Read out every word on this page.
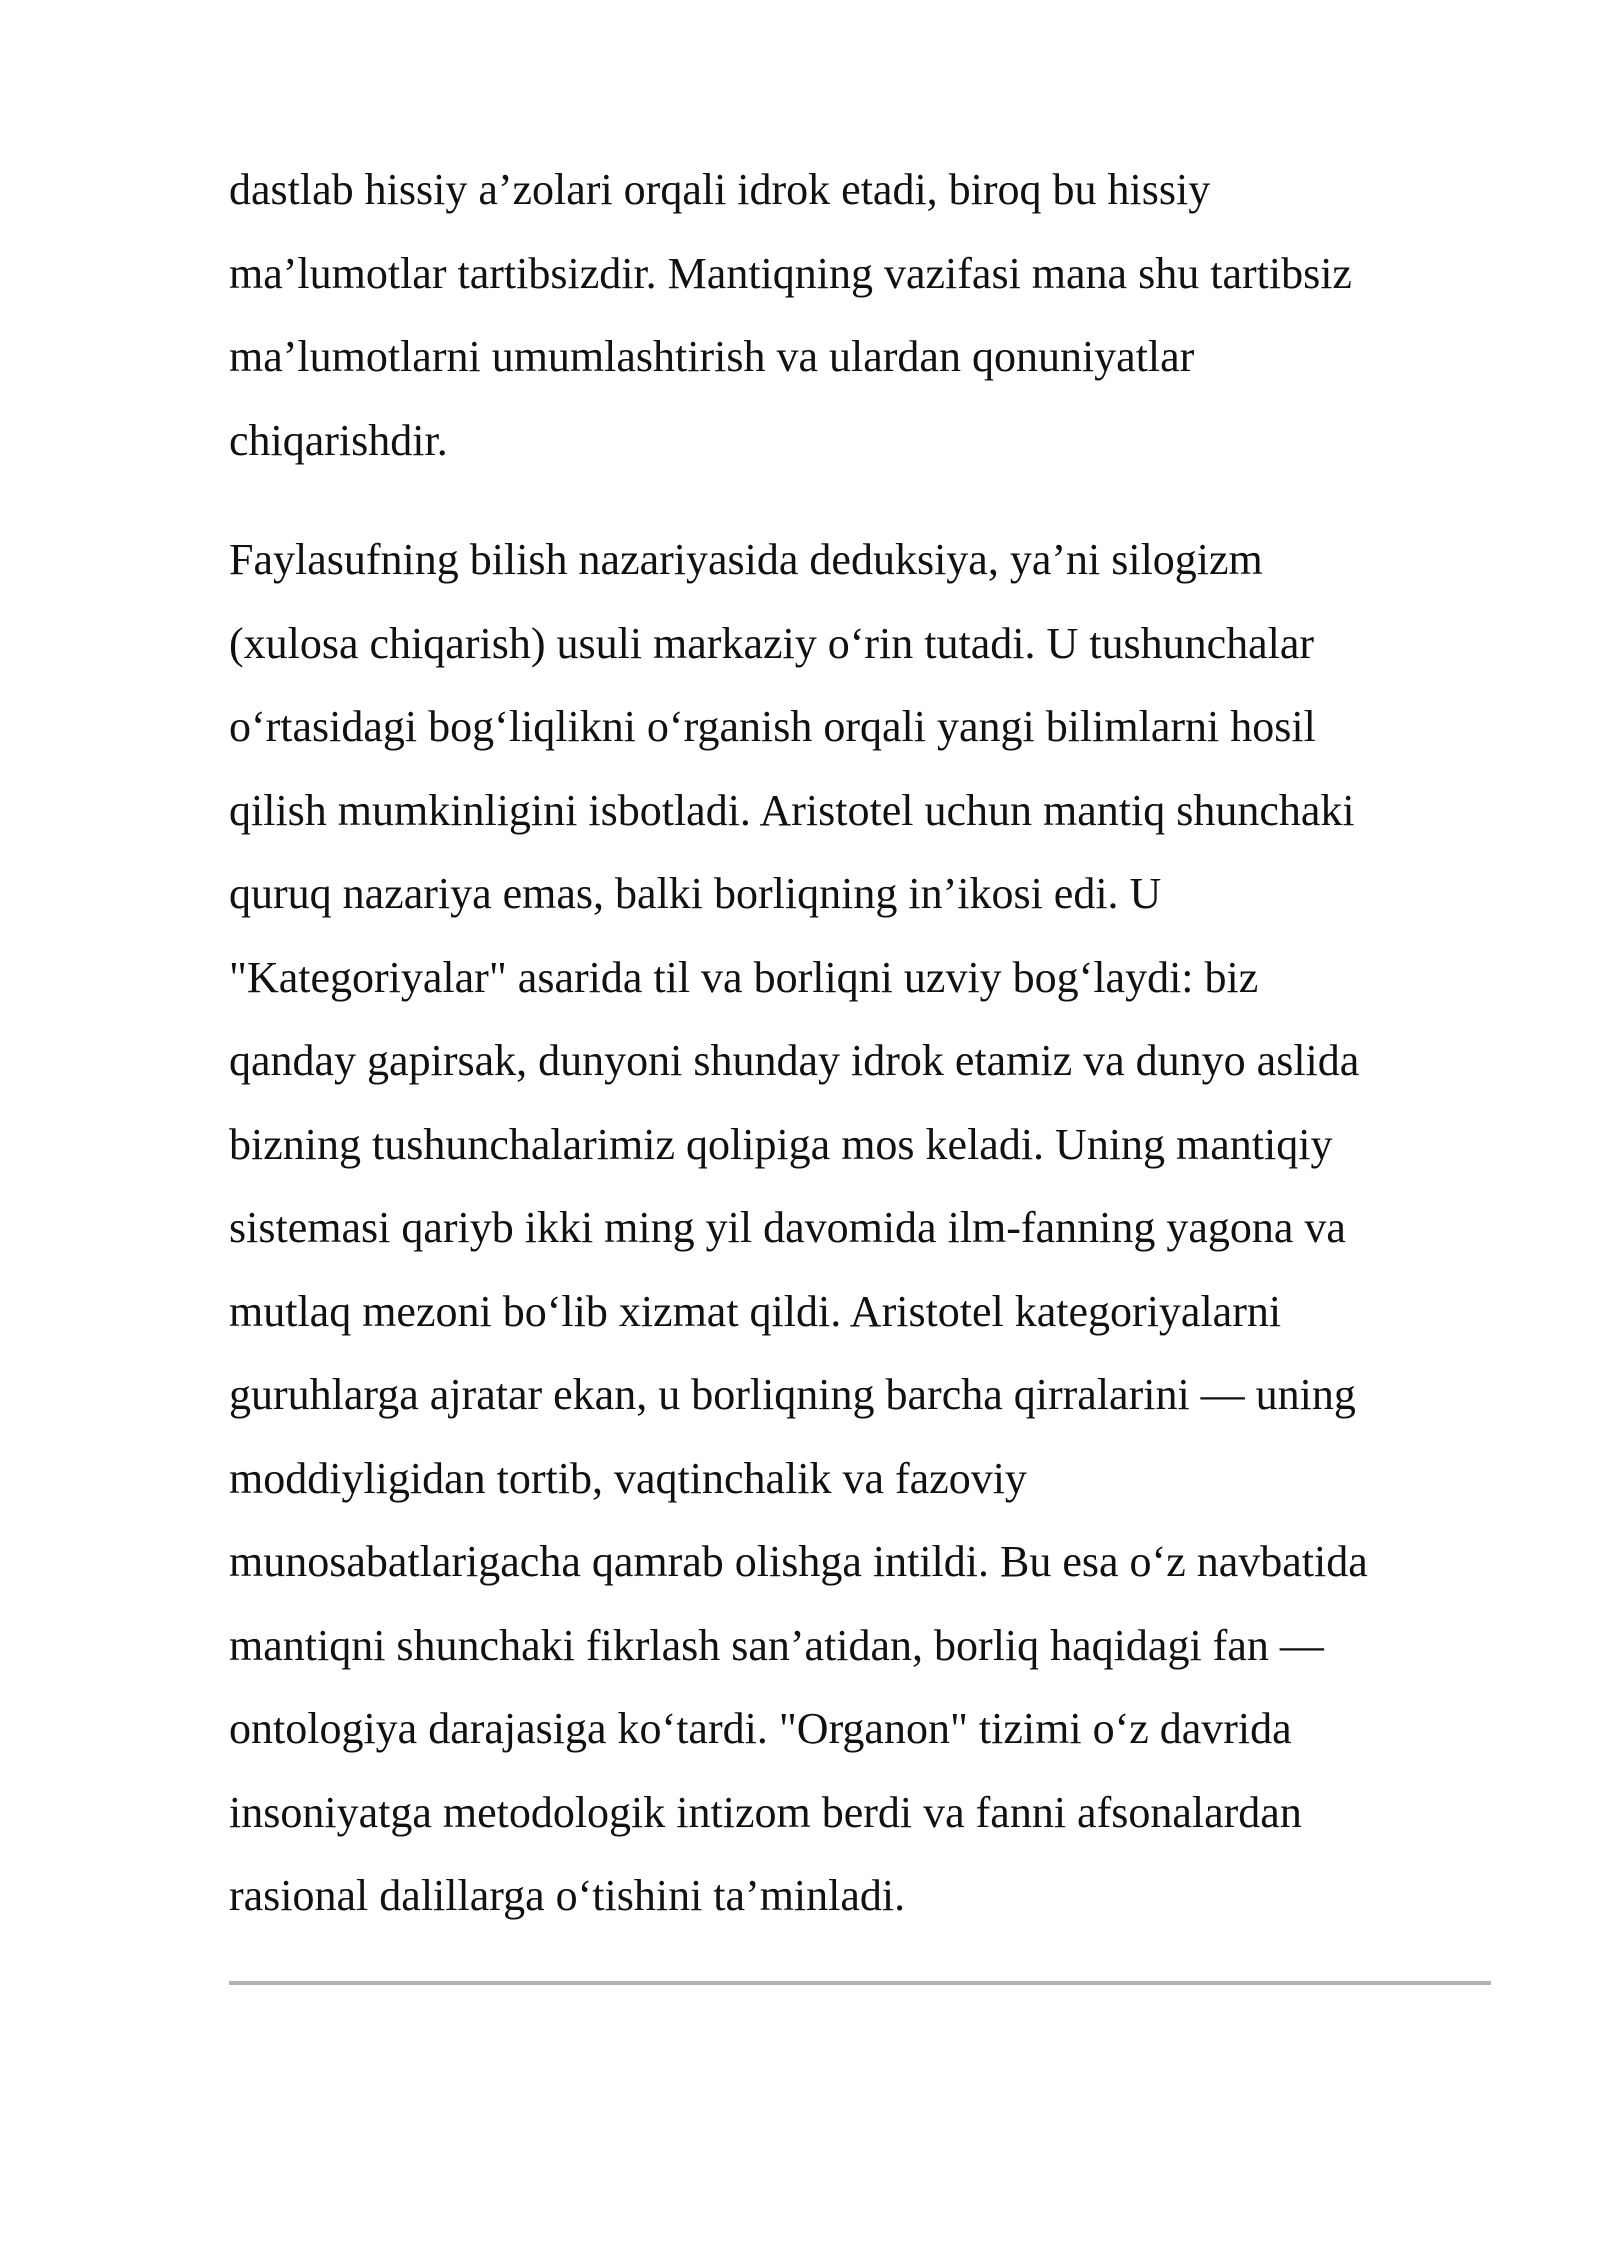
dastlab hissiy a’zolari orqali idrok etadi, biroq bu hissiy
ma’lumotlar tartibsizdir. Mantiqning vazifasi mana shu tartibsiz
ma’lumotlarni umumlashtirish va ulardan qonuniyatlar
chiqarishdir.

Faylasufning bilish nazariyasida deduksiya, ya’ni silogizm
(xulosa chiqarish) usuli markaziy o‘rin tutadi. U tushunchalar
o‘rtasidagi bog‘liqlikni o‘rganish orqali yangi bilimlarni hosil
qilish mumkinligini isbotladi. Aristotel uchun mantiq shunchaki
quruq nazariya emas, balki borliqning in’ikosi edi. U
"Kategoriyalar" asarida til va borliqni uzviy bog‘laydi: biz
qanday gapirsak, dunyoni shunday idrok etamiz va dunyo aslida
bizning tushunchalarimiz qolipiga mos keladi. Uning mantiqiy
sistemasi qariyb ikki ming yil davomida ilm-fanning yagona va
mutlaq mezoni bo‘lib xizmat qildi. Aristotel kategoriyalarni
guruhlarga ajratar ekan, u borliqning barcha qirralarini — uning
moddiyligidan tortib, vaqtinchalik va fazoviy
munosabatlarigacha qamrab olishga intildi. Bu esa o‘z navbatida
mantiqni shunchaki fikrlash san’atidan, borliq haqidagi fan —
ontologiya darajasiga ko‘tardi. "Organon" tizimi o‘z davrida
insoniyatga metodologik intizom berdi va fanni afsonalardan
rasional dalillarga o‘tishini ta’minladi.
